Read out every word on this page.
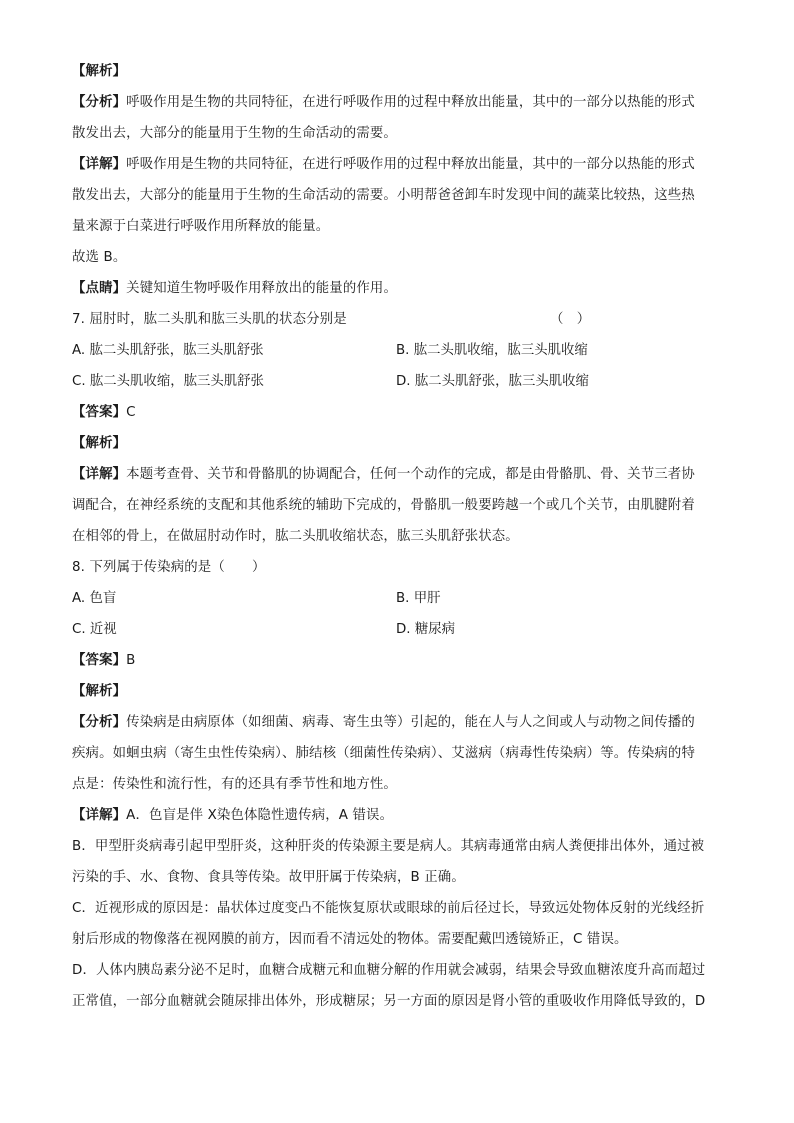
【解析】
【分析】呼吸作用是生物的共同特征，在进行呼吸作用的过程中释放出能量，其中的一部分以热能的形式
散发出去，大部分的能量用于生物的生命活动的需要。
【详解】呼吸作用是生物的共同特征，在进行呼吸作用的过程中释放出能量，其中的一部分以热能的形式
散发出去，大部分的能量用于生物的生命活动的需要。小明帮爸爸卸车时发现中间的蔬菜比较热，这些热
量来源于白菜进行呼吸作用所释放的能量。
故选 B。
【点睛】关键知道生物呼吸作用释放出的能量的作用。
7. 屈肘时，肱二头肌和肱三头肌的状态分别是	（　）
A. 肱二头肌舒张，肱三头肌舒张	B. 肱二头肌收缩，肱三头肌收缩
C. 肱二头肌收缩，肱三头肌舒张	D. 肱二头肌舒张，肱三头肌收缩
【答案】C
【解析】
【详解】本题考查骨、关节和骨骼肌的协调配合，任何一个动作的完成，都是由骨骼肌、骨、关节三者协
调配合，在神经系统的支配和其他系统的辅助下完成的，骨骼肌一般要跨越一个或几个关节，由肌腱附着
在相邻的骨上，在做屈肘动作时，肱二头肌收缩状态，肱三头肌舒张状态。
8. 下列属于传染病的是（　　）
A. 色盲	B. 甲肝
C. 近视	D. 糖尿病
【答案】B
【解析】
【分析】传染病是由病原体（如细菌、病毒、寄生虫等）引起的，能在人与人之间或人与动物之间传播的
疾病。如蛔虫病（寄生虫性传染病）、肺结核（细菌性传染病）、艾滋病（病毒性传染病）等。传染病的特
点是：传染性和流行性，有的还具有季节性和地方性。
【详解】A．色盲是伴 X染色体隐性遗传病，A 错误。
B．甲型肝炎病毒引起甲型肝炎，这种肝炎的传染源主要是病人。其病毒通常由病人粪便排出体外，通过被
污染的手、水、食物、食具等传染。故甲肝属于传染病，B 正确。
C．近视形成的原因是：晶状体过度变凸不能恢复原状或眼球的前后径过长，导致远处物体反射的光线经折
射后形成的物像落在视网膜的前方，因而看不清远处的物体。需要配戴凹透镜矫正，C 错误。
D．人体内胰岛素分泌不足时，血糖合成糖元和血糖分解的作用就会减弱，结果会导致血糖浓度升高而超过
正常值，一部分血糖就会随尿排出体外，形成糖尿；另一方面的原因是肾小管的重吸收作用降低导致的，D
